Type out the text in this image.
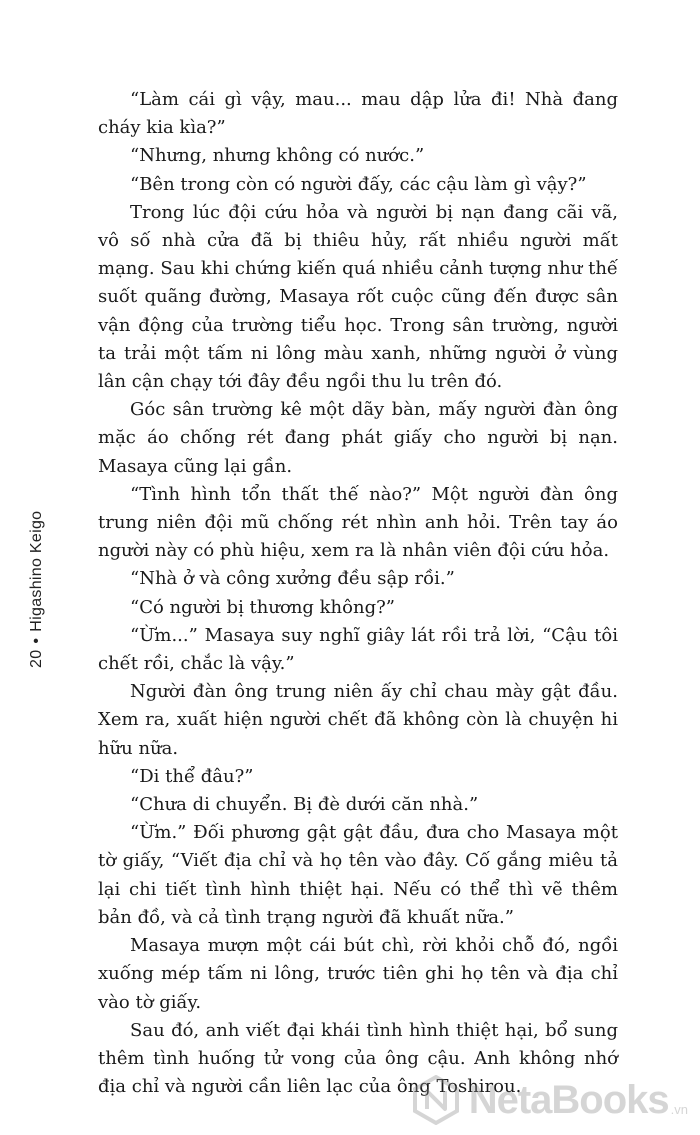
20•Higashino Keigo

“Làm cái gì vậy, mau... mau dập lửa đi! Nhà đang cháy kia kìa?”

“Nhưng, nhưng không có nước.”

“Bên trong còn có người đấy, các cậu làm gì vậy?”

Trong lúc đội cứu hỏa và người bị nạn đang cãi vã, vô số nhà cửa đã bị thiêu hủy, rất nhiều người mất mạng. Sau khi chứng kiến quá nhiều cảnh tượng như thế suốt quãng đường, Masaya rốt cuộc cũng đến được sân vận động của trường tiểu học. Trong sân trường, người ta trải một tấm ni lông màu xanh, những người ở vùng lân cận chạy tới đây đều ngồi thu lu trên đó.

Góc sân trường kê một dãy bàn, mấy người đàn ông mặc áo chống rét đang phát giấy cho người bị nạn. Masaya cũng lại gần.

“Tình hình tổn thất thế nào?” Một người đàn ông trung niên đội mũ chống rét nhìn anh hỏi. Trên tay áo người này có phù hiệu, xem ra là nhân viên đội cứu hỏa.

“Nhà ở và công xưởng đều sập rồi.”

“Có người bị thương không?”

“Ừm...” Masaya suy nghĩ giây lát rồi trả lời, “Cậu tôi chết rồi, chắc là vậy.”

Người đàn ông trung niên ấy chỉ chau mày gật đầu. Xem ra, xuất hiện người chết đã không còn là chuyện hi hữu nữa.

“Di thể đâu?”

“Chưa di chuyển. Bị đè dưới căn nhà.”

“Ừm.” Đối phương gật gật đầu, đưa cho Masaya một tờ giấy, “Viết địa chỉ và họ tên vào đây. Cố gắng miêu tả lại chi tiết tình hình thiệt hại. Nếu có thể thì vẽ thêm bản đồ, và cả tình trạng người đã khuất nữa.”

Masaya mượn một cái bút chì, rời khỏi chỗ đó, ngồi xuống mép tấm ni lông, trước tiên ghi họ tên và địa chỉ vào tờ giấy.

Sau đó, anh viết đại khái tình hình thiệt hại, bổ sung thêm tình huống tử vong của ông cậu. Anh không nhớ địa chỉ và người cần liên lạc của ông Toshirou.

NetaBooks .vn
